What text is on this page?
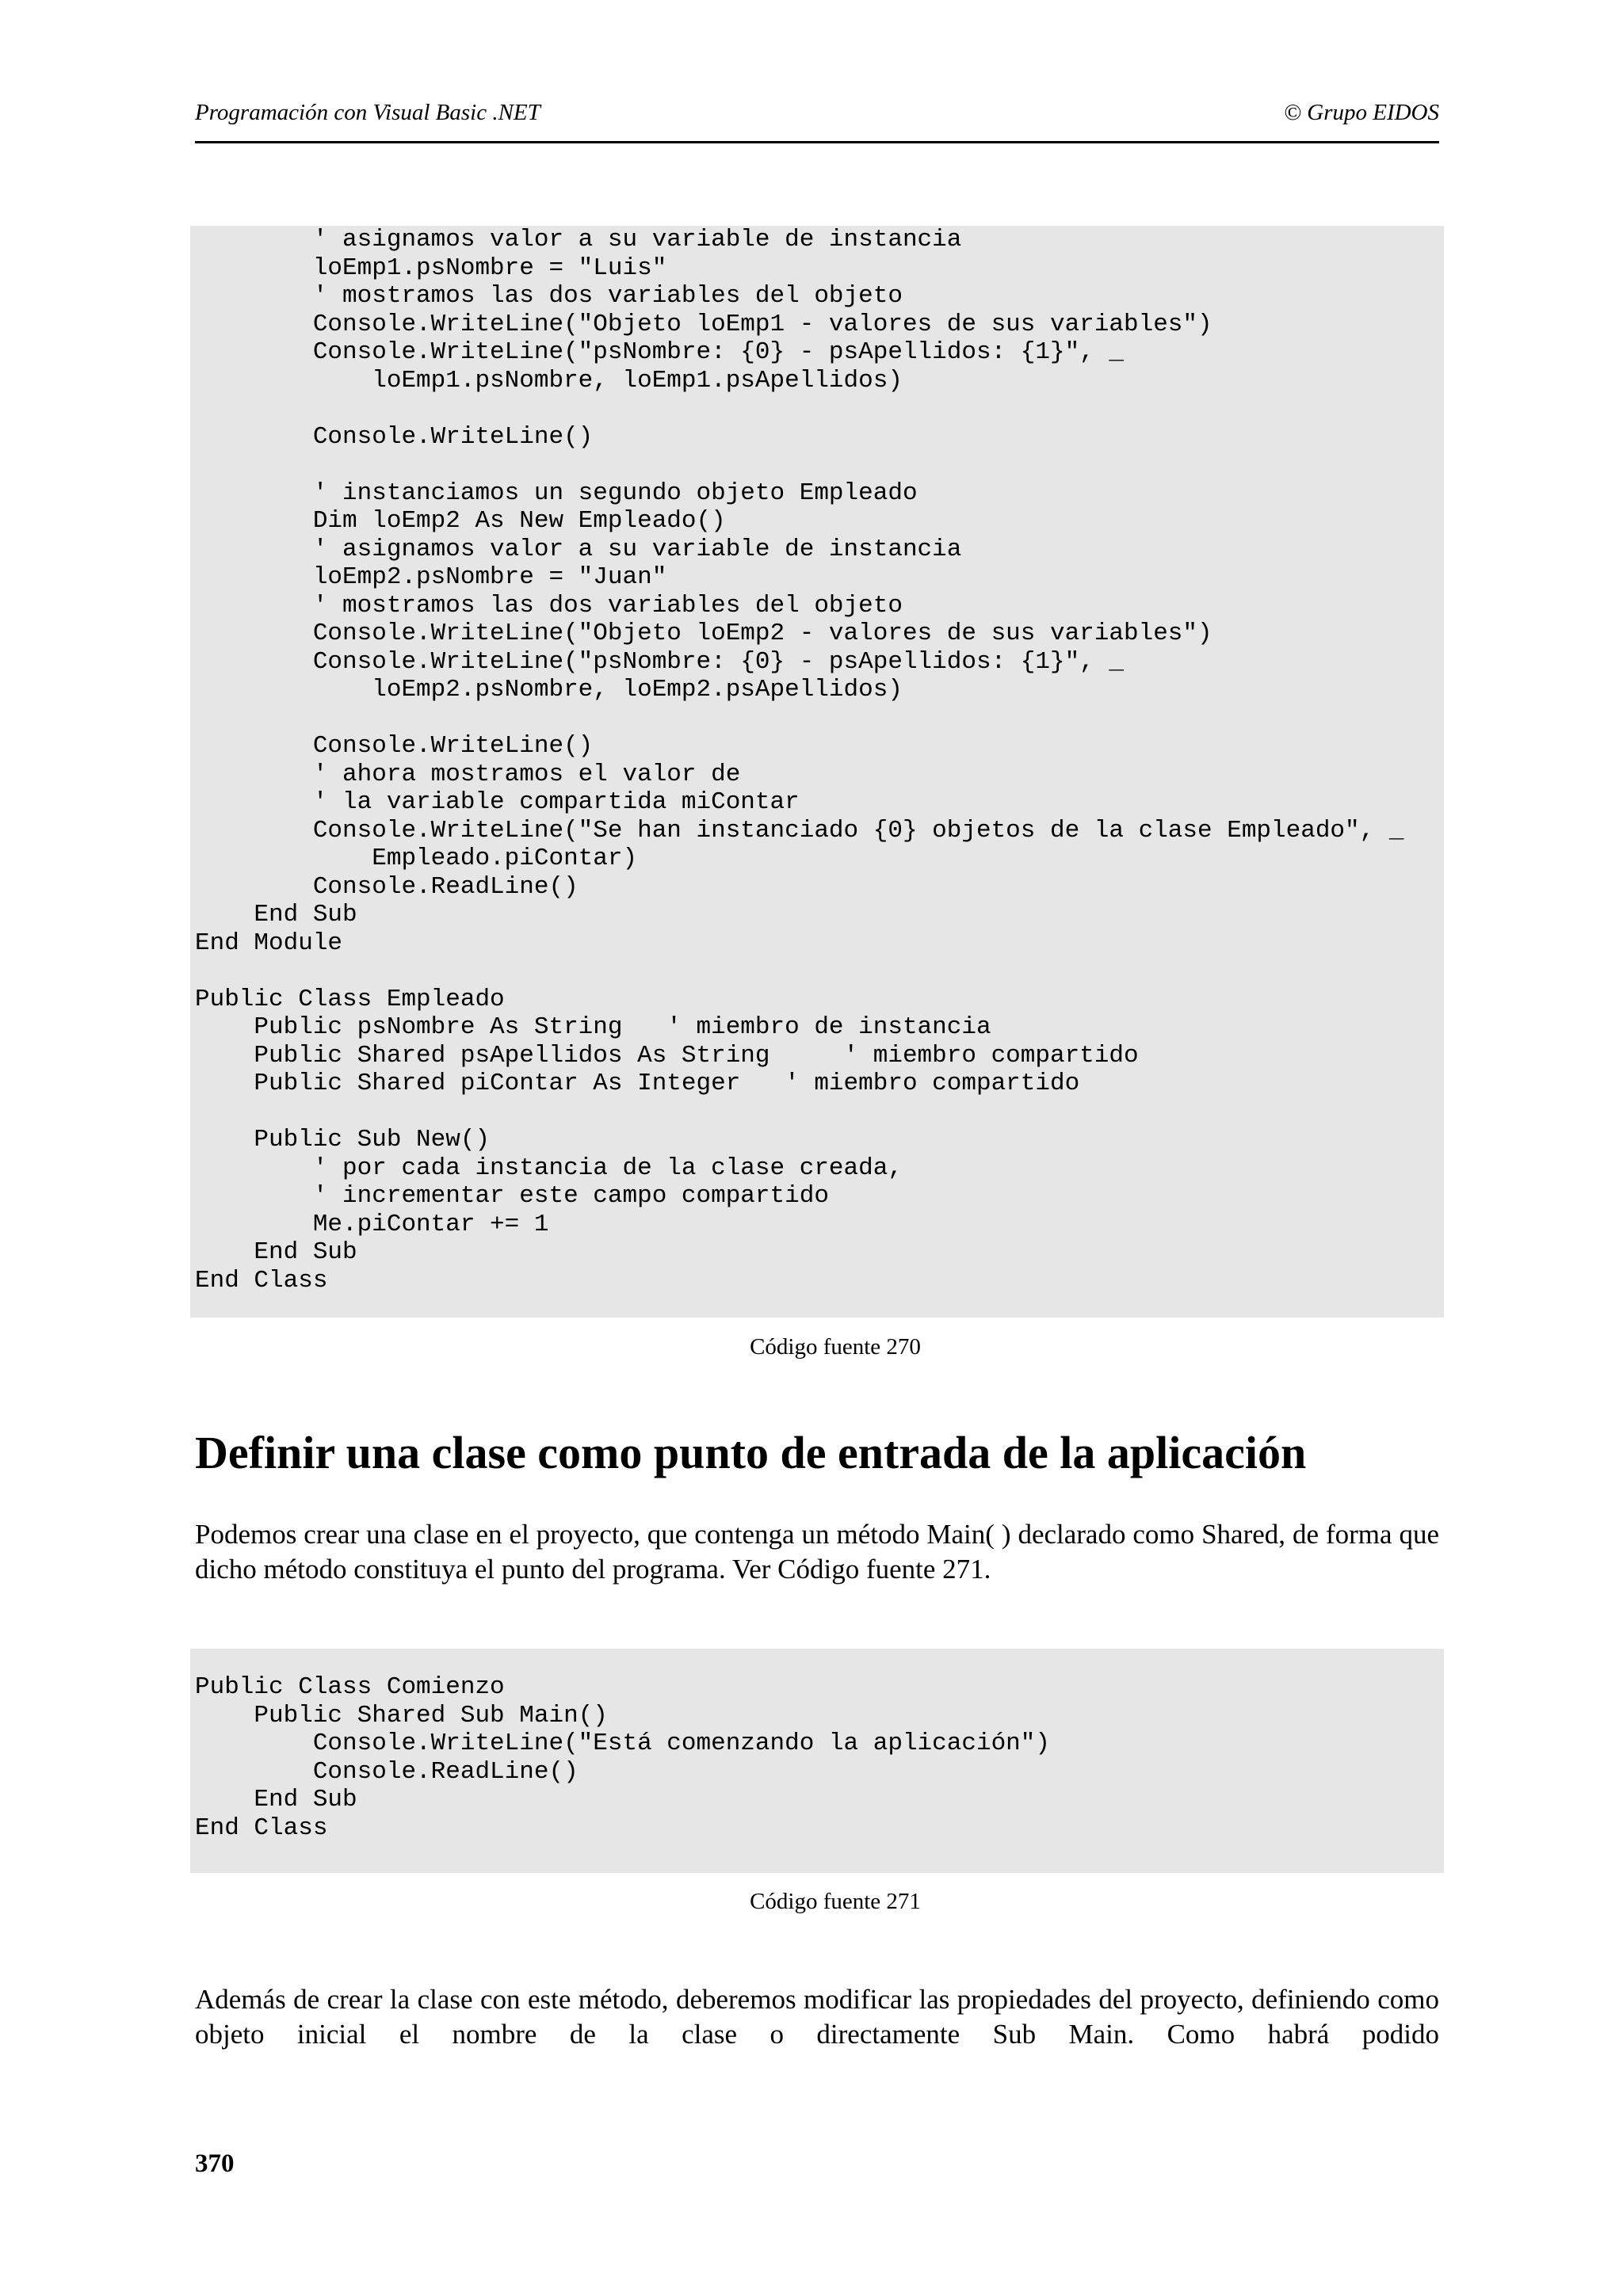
Programación con Visual Basic .NET	© Grupo EIDOS
' asignamos valor a su variable de instancia
loEmp1.psNombre = "Luis"
' mostramos las dos variables del objeto
Console.WriteLine("Objeto loEmp1 - valores de sus variables")
Console.WriteLine("psNombre: {0} - psApellidos: {1}", _
loEmp1.psNombre, loEmp1.psApellidos)

Console.WriteLine()

' instanciamos un segundo objeto Empleado
Dim loEmp2 As New Empleado()
' asignamos valor a su variable de instancia
loEmp2.psNombre = "Juan"
' mostramos las dos variables del objeto
Console.WriteLine("Objeto loEmp2 - valores de sus variables")
Console.WriteLine("psNombre: {0} - psApellidos: {1}", _
loEmp2.psNombre, loEmp2.psApellidos)

Console.WriteLine()
' ahora mostramos el valor de
' la variable compartida miContar
Console.WriteLine("Se han instanciado {0} objetos de la clase Empleado", _
Empleado.piContar)
Console.ReadLine()
End Sub
End Module

Public Class Empleado
Public psNombre As String   ' miembro de instancia
Public Shared psApellidos As String     ' miembro compartido
Public Shared piContar As Integer   ' miembro compartido

Public Sub New()
' por cada instancia de la clase creada,
' incrementar este campo compartido
Me.piContar += 1
End Sub
End Class
Código fuente 270
Definir una clase como punto de entrada de la aplicación
Podemos crear una clase en el proyecto, que contenga un método Main( ) declarado como Shared, de forma que dicho método constituya el punto del programa. Ver Código fuente 271.
Public Class Comienzo
Public Shared Sub Main()
Console.WriteLine("Está comenzando la aplicación")
Console.ReadLine()
End Sub
End Class
Código fuente 271
Además de crear la clase con este método, deberemos modificar las propiedades del proyecto, definiendo como objeto inicial el nombre de la clase o directamente Sub Main. Como habrá podido
370
